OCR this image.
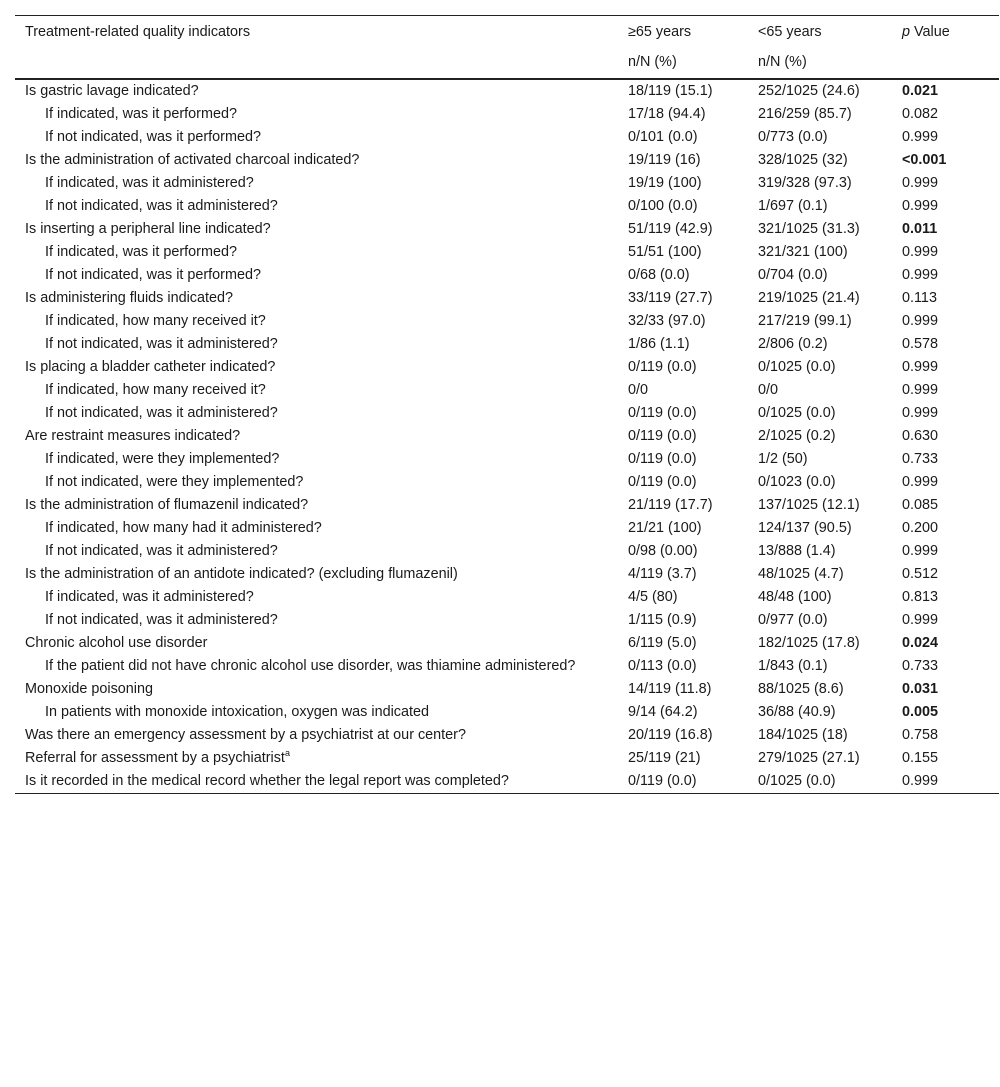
Treatment-related quality indicators	≥65 years	<65 years	p Value
	n/N (%)	n/N (%)	
Is gastric lavage indicated?	18/119 (15.1)	252/1025 (24.6)	0.021
If indicated, was it performed?	17/18 (94.4)	216/259 (85.7)	0.082
If not indicated, was it performed?	0/101 (0.0)	0/773 (0.0)	0.999
Is the administration of activated charcoal indicated?	19/119 (16)	328/1025 (32)	<0.001
If indicated, was it administered?	19/19 (100)	319/328 (97.3)	0.999
If not indicated, was it administered?	0/100 (0.0)	1/697 (0.1)	0.999
Is inserting a peripheral line indicated?	51/119 (42.9)	321/1025 (31.3)	0.011
If indicated, was it performed?	51/51 (100)	321/321 (100)	0.999
If not indicated, was it performed?	0/68 (0.0)	0/704 (0.0)	0.999
Is administering fluids indicated?	33/119 (27.7)	219/1025 (21.4)	0.113
If indicated, how many received it?	32/33 (97.0)	217/219 (99.1)	0.999
If not indicated, was it administered?	1/86 (1.1)	2/806 (0.2)	0.578
Is placing a bladder catheter indicated?	0/119 (0.0)	0/1025 (0.0)	0.999
If indicated, how many received it?	0/0	0/0	0.999
If not indicated, was it administered?	0/119 (0.0)	0/1025 (0.0)	0.999
Are restraint measures indicated?	0/119 (0.0)	2/1025 (0.2)	0.630
If indicated, were they implemented?	0/119 (0.0)	1/2 (50)	0.733
If not indicated, were they implemented?	0/119 (0.0)	0/1023 (0.0)	0.999
Is the administration of flumazenil indicated?	21/119 (17.7)	137/1025 (12.1)	0.085
If indicated, how many had it administered?	21/21 (100)	124/137 (90.5)	0.200
If not indicated, was it administered?	0/98 (0.00)	13/888 (1.4)	0.999
Is the administration of an antidote indicated? (excluding flumazenil)	4/119 (3.7)	48/1025 (4.7)	0.512
If indicated, was it administered?	4/5 (80)	48/48 (100)	0.813
If not indicated, was it administered?	1/115 (0.9)	0/977 (0.0)	0.999
Chronic alcohol use disorder	6/119 (5.0)	182/1025 (17.8)	0.024
If the patient did not have chronic alcohol use disorder, was thiamine administered?	0/113 (0.0)	1/843 (0.1)	0.733
Monoxide poisoning	14/119 (11.8)	88/1025 (8.6)	0.031
In patients with monoxide intoxication, oxygen was indicated	9/14 (64.2)	36/88 (40.9)	0.005
Was there an emergency assessment by a psychiatrist at our center?	20/119 (16.8)	184/1025 (18)	0.758
Referral for assessment by a psychiatrist$^a$	25/119 (21)	279/1025 (27.1)	0.155
Is it recorded in the medical record whether the legal report was completed?	0/119 (0.0)	0/1025 (0.0)	0.999
